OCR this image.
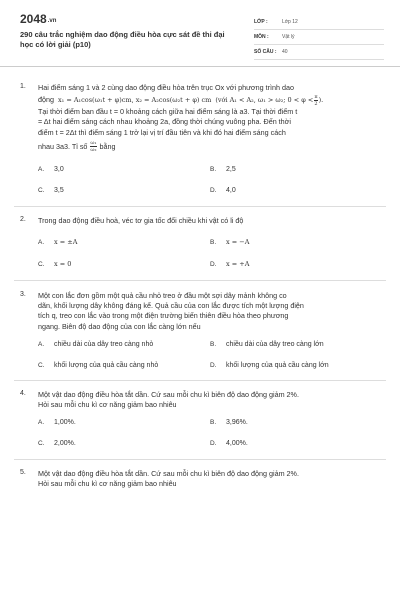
2048.vn
290 câu trắc nghiệm dao động điều hòa cực sát đề thi đại học có lời giải (p10)
LỚP :	Lớp 12
MÔN :	Vật lý
SỐ CÂU :	40
1. Hai điểm sáng 1 và 2 cùng dao động điều hòa trên trục Ox với phương trình dao
động x₁ = A₁cos(ω₁t + φ)cm, x₂ = A₂cos(ω₂t + φ) cm (với A₁ < A₂, ω₁ > ω₂; $0 < \varphi < \frac{\pi}{2}$ ).
Tại thời điểm ban đầu t = 0 khoảng cách giữa hai điểm sáng là a3. Tại thời điểm t
= Δt hai điểm sáng cách nhau khoảng 2a, đồng thời chúng vuông pha. Đến thời
điểm t = 2Δt thì điểm sáng 1 trở lại vị trí đầu tiên và khi đó hai điểm sáng cách
nhau 3a3. Tỉ số $\frac{\text{ω₁}}{\text{ω₂}}$ bằng
A. 3,0	B. 2,5
C. 3,5	D. 4,0
2. Trong dao động điều hoà, véc tơ gia tốc đổi chiều khi vật có li độ
A. x = ±A	B. x = −A
C. x = 0	D. x = +A
3. Một con lắc đơn gồm một quả cầu nhỏ treo ở đầu một sợi dây mảnh không co
dãn, khối lượng dây không đáng kể. Quả cầu của con lắc được tích một lượng điện
tích q, treo con lắc vào trong một điện trường biến thiên điều hòa theo phương
ngang. Biên độ dao động của con lắc càng lớn nếu
A. chiều dài của dây treo càng nhỏ	B. chiều dài của dây treo càng lớn
C. khối lượng của quả cầu càng nhỏ	D. khối lượng của quả cầu càng lớn
4. Một vật dao động điều hòa tắt dần. Cứ sau mỗi chu kì biên độ dao động giảm 2%.
Hỏi sau mỗi chu kì cơ năng giảm bao nhiêu
A. 1,00%.	B. 3,96%.
C. 2,00%.	D. 4,00%.
5. Một vật dao động điều hòa tắt dần. Cứ sau mỗi chu kì biên độ dao động giảm 2%.
Hỏi sau mỗi chu kì cơ năng giảm bao nhiêu
